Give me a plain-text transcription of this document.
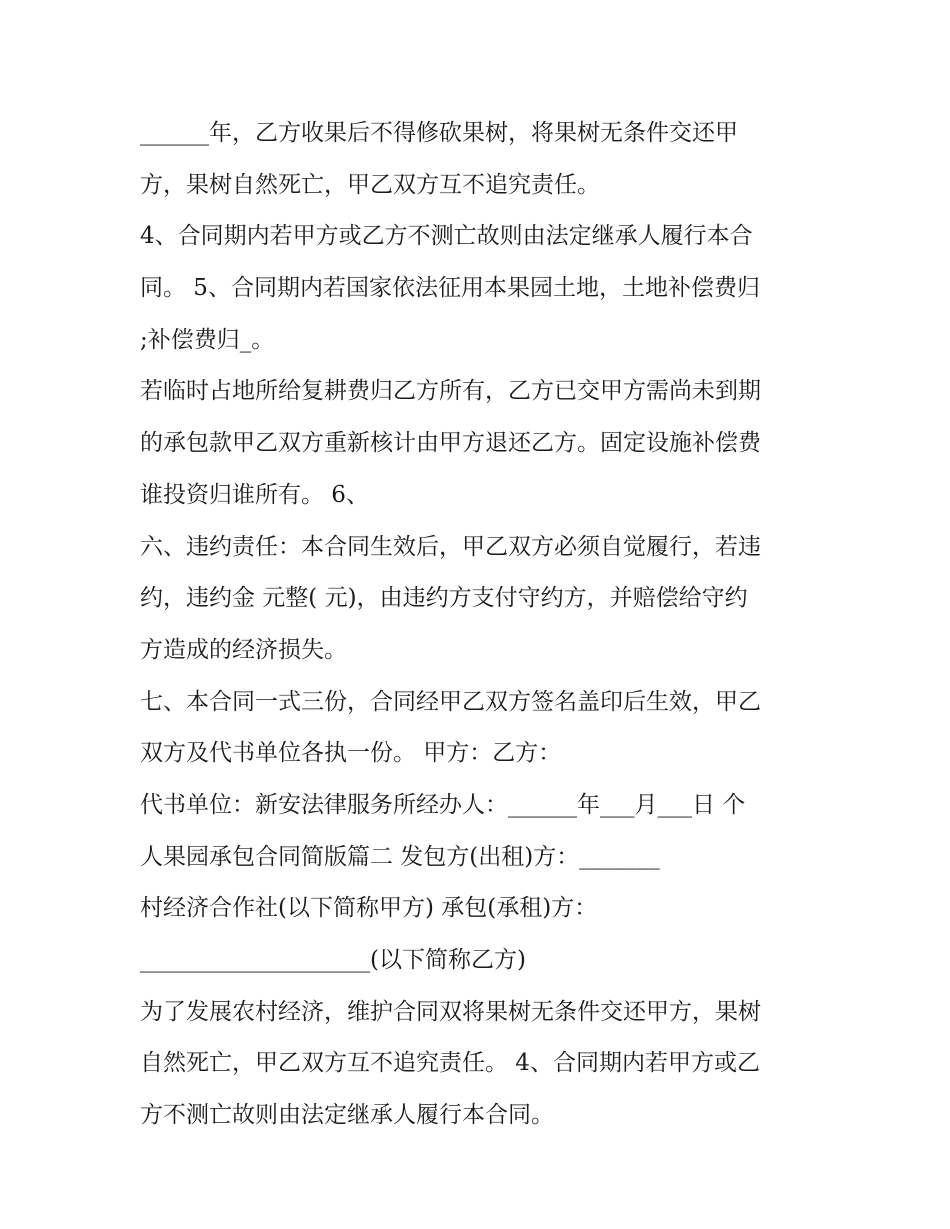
______年，乙方收果后不得修砍果树，将果树无条件交还甲
方，果树自然死亡，甲乙双方互不追究责任。
4、合同期内若甲方或乙方不测亡故则由法定继承人履行本合
同。 5、合同期内若国家依法征用本果园土地，土地补偿费归
;补偿费归_。
若临时占地所给复耕费归乙方所有，乙方已交甲方需尚未到期
的承包款甲乙双方重新核计由甲方退还乙方。固定设施补偿费
谁投资归谁所有。 6、
六、违约责任：本合同生效后，甲乙双方必须自觉履行，若违
约，违约金 元整( 元)，由违约方支付守约方，并赔偿给守约
方造成的经济损失。
七、本合同一式三份，合同经甲乙双方签名盖印后生效，甲乙
双方及代书单位各执一份。 甲方：乙方：
代书单位：新安法律服务所经办人：______年___月___日 个
人果园承包合同简版篇二 发包方(出租)方：_______
村经济合作社(以下简称甲方) 承包(承租)方：
____________________(以下简称乙方)
为了发展农村经济，维护合同双将果树无条件交还甲方，果树
自然死亡，甲乙双方互不追究责任。 4、合同期内若甲方或乙
方不测亡故则由法定继承人履行本合同。
